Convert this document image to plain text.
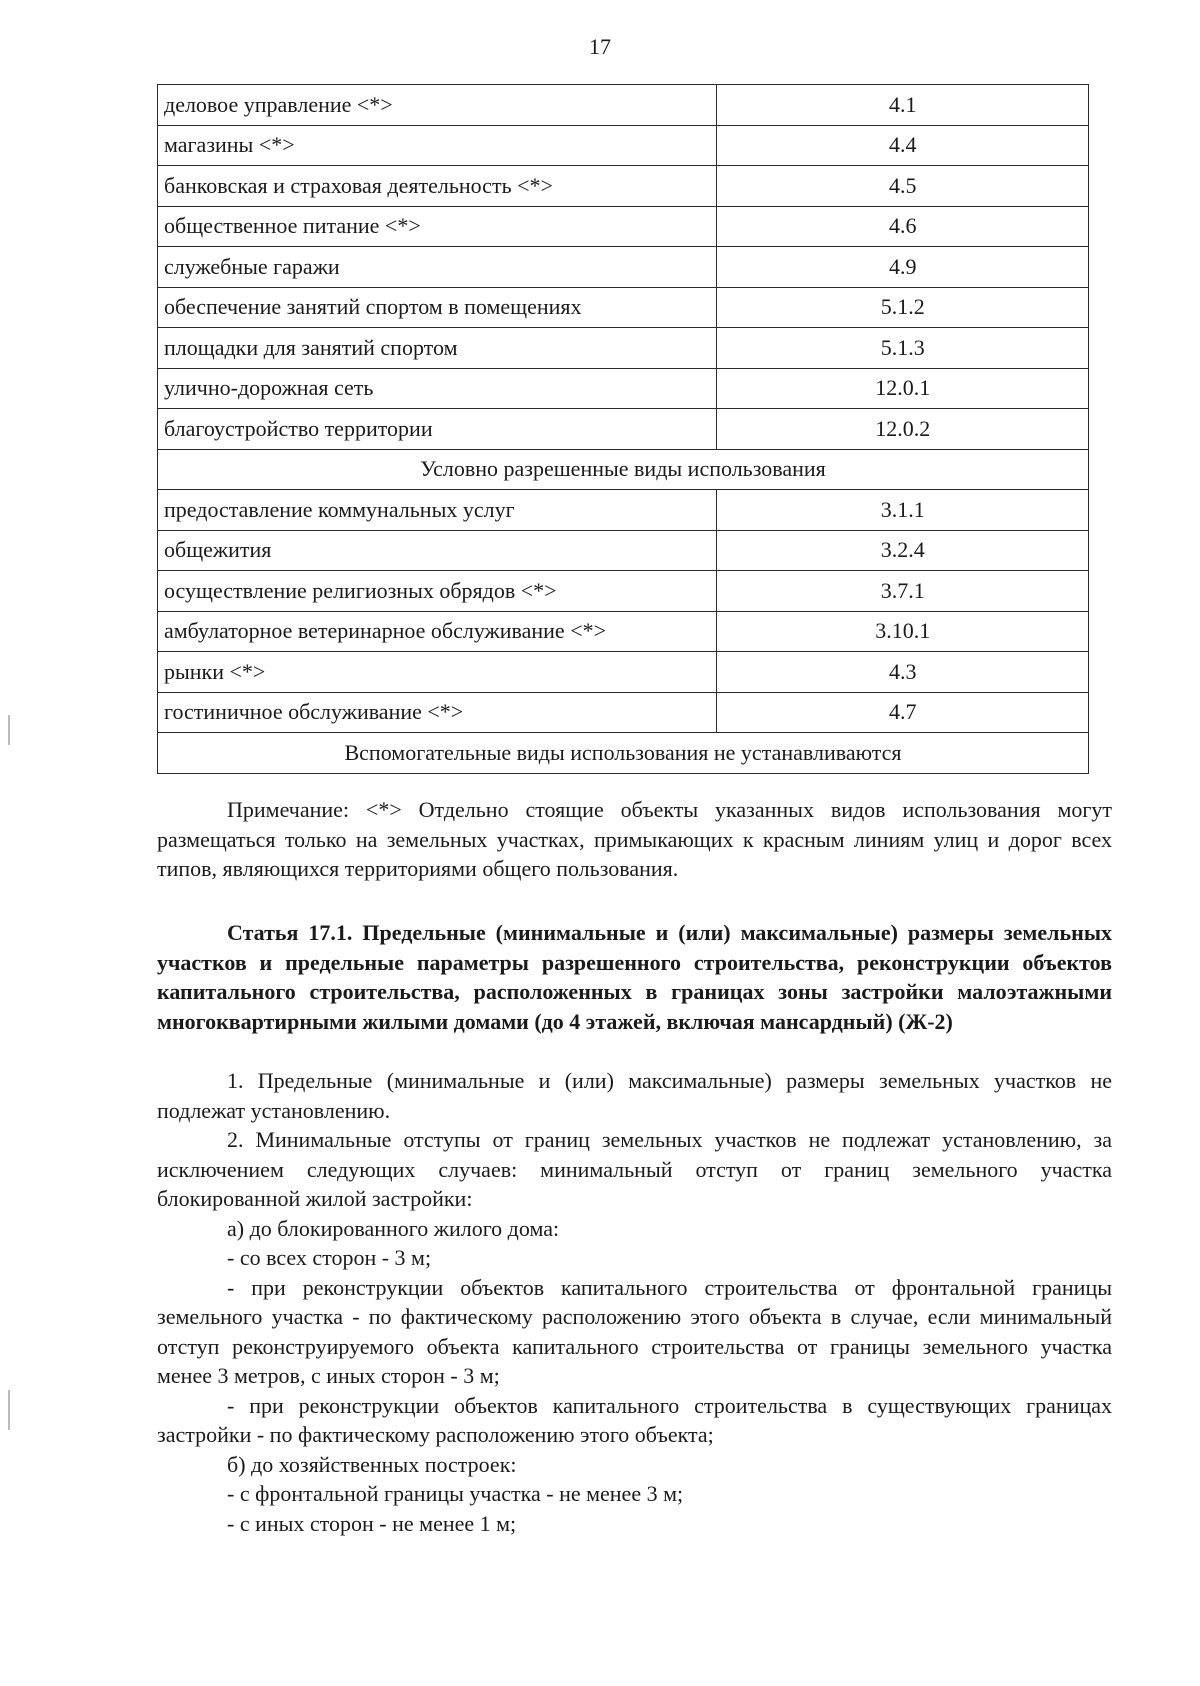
17
деловое управление <*>	4.1
магазины <*>	4.4
банковская и страховая деятельность <*>	4.5
общественное питание <*>	4.6
служебные гаражи	4.9
обеспечение занятий спортом в помещениях	5.1.2
площадки для занятий спортом	5.1.3
улично-дорожная сеть	12.0.1
благоустройство территории	12.0.2
Условно разрешенные виды использования	
предоставление коммунальных услуг	3.1.1
общежития	3.2.4
осуществление религиозных обрядов <*>	3.7.1
амбулаторное ветеринарное обслуживание <*>	3.10.1
рынки <*>	4.3
гостиничное обслуживание <*>	4.7
Вспомогательные виды использования не устанавливаются	

Примечание: <*> Отдельно стоящие объекты указанных видов использования могут размещаться только на земельных участках, примыкающих к красным линиям улиц и дорог всех типов, являющихся территориями общего пользования.

Статья 17.1. Предельные (минимальные и (или) максимальные) размеры земельных участков и предельные параметры разрешенного строительства, реконструкции объектов капитального строительства, расположенных в границах зоны застройки малоэтажными многоквартирными жилыми домами (до 4 этажей, включая мансардный) (Ж-2)

1. Предельные (минимальные и (или) максимальные) размеры земельных участков не подлежат установлению.

2. Минимальные отступы от границ земельных участков не подлежат установлению, за исключением следующих случаев: минимальный отступ от границ земельного участка блокированной жилой застройки:

а) до блокированного жилого дома:

- со всех сторон - 3 м;

- при реконструкции объектов капитального строительства от фронтальной границы земельного участка - по фактическому расположению этого объекта в случае, если минимальный отступ реконструируемого объекта капитального строительства от границы земельного участка менее 3 метров, с иных сторон - 3 м;

- при реконструкции объектов капитального строительства в существующих границах застройки - по фактическому расположению этого объекта;

б) до хозяйственных построек:

- с фронтальной границы участка - не менее 3 м;

- с иных сторон - не менее 1 м;
